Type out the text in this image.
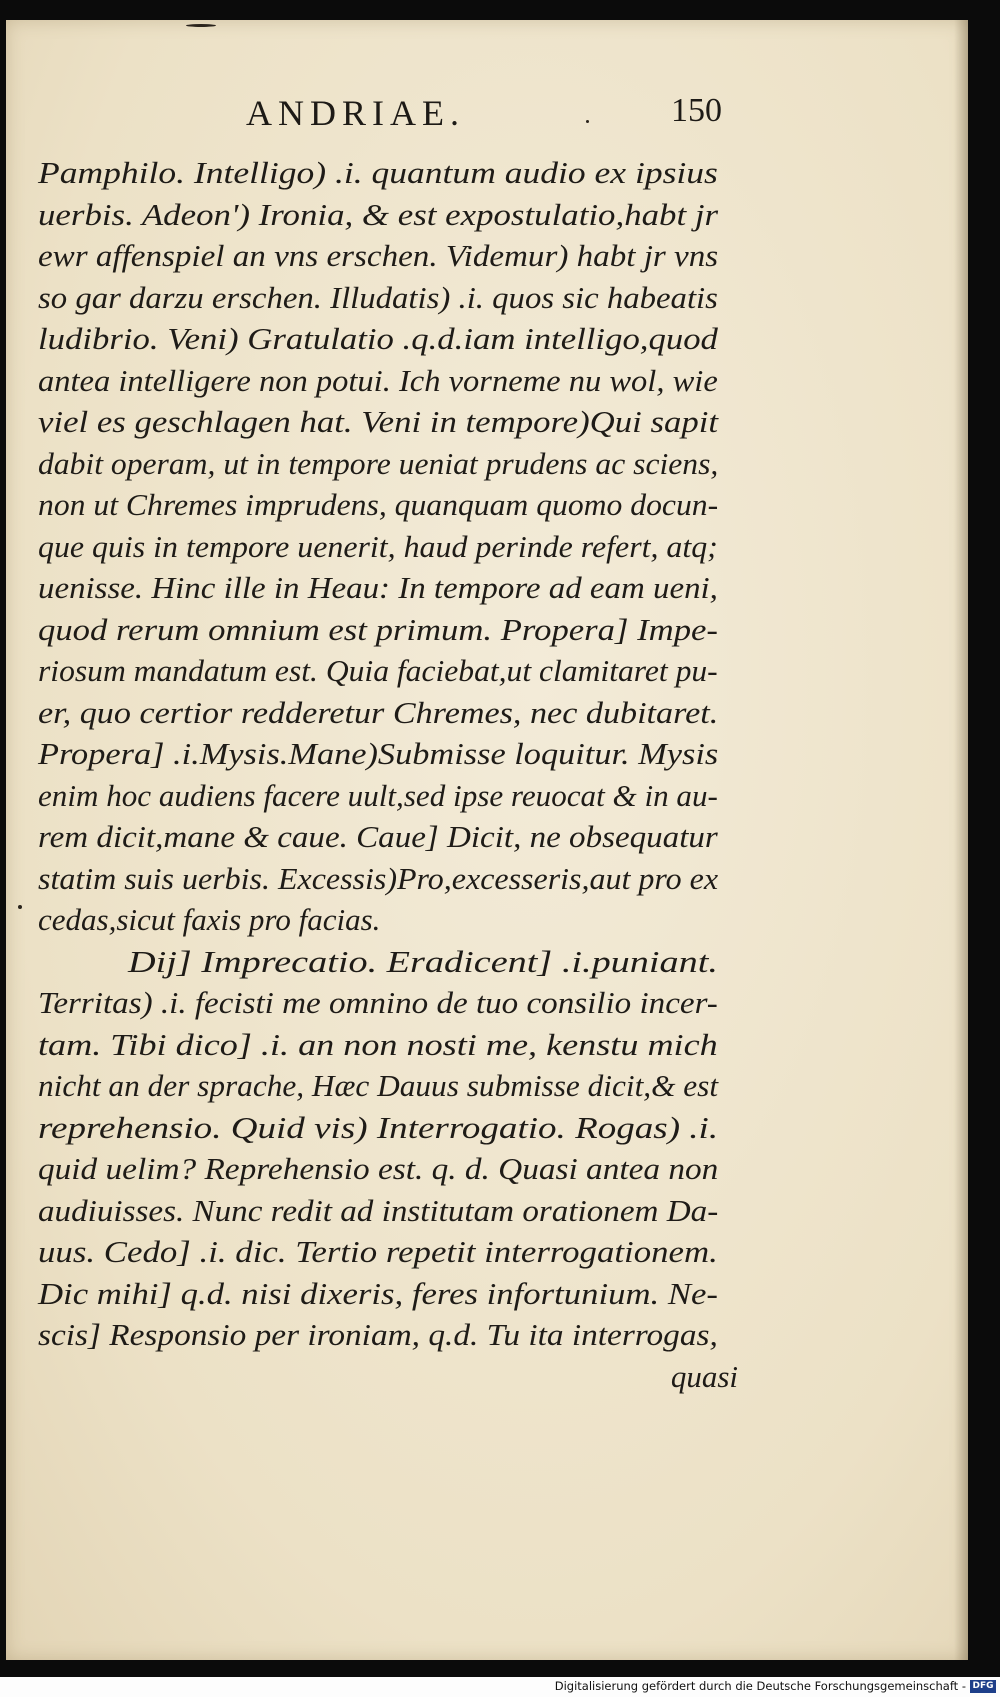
ANDRIAE.	150
Pamphilo. Intelligo) .i. quantum audio ex ipsius
uerbis. Adeon') Ironia, & est expostulatio,habt jr
ewr affenspiel an vns erschen. Videmur) habt jr vns
so gar darzu erschen. Illudatis) .i. quos sic habeatis
ludibrio. Veni) Gratulatio .q.d.iam intelligo,quod
antea intelligere non potui. Ich vorneme nu wol, wie
viel es geschlagen hat. Veni in tempore)Qui sapit
dabit operam, ut in tempore ueniat prudens ac sciens,
non ut Chremes imprudens, quanquam quomo docun-
que quis in tempore uenerit, haud perinde refert, atq;
uenisse. Hinc ille in Heau: In tempore ad eam ueni,
quod rerum omnium est primum. Propera] Impe-
riosum mandatum est. Quia faciebat,ut clamitaret pu-
er, quo certior redderetur Chremes, nec dubitaret.
Propera] .i.Mysis.Mane)Submisse loquitur. Mysis
enim hoc audiens facere uult,sed ipse reuocat & in au-
rem dicit,mane & caue. Caue] Dicit, ne obsequatur
statim suis uerbis. Excessis)Pro,excesseris,aut pro ex
cedas,sicut faxis pro facias.
Dij] Imprecatio. Eradicent] .i.puniant.
Territas) .i. fecisti me omnino de tuo consilio incer-
tam. Tibi dico] .i. an non nosti me, kenstu mich
nicht an der sprache, Hæc Dauus submisse dicit,& est
reprehensio. Quid vis) Interrogatio. Rogas) .i.
quid uelim? Reprehensio est. q. d. Quasi antea non
audiuisses. Nunc redit ad institutam orationem Da-
uus. Cedo] .i. dic. Tertio repetit interrogationem.
Dic mihi] q.d. nisi dixeris, feres infortunium. Ne-
scis] Responsio per ironiam, q.d. Tu ita interrogas,
quasi
Digitalisierung gefördert durch die Deutsche Forschungsgemeinschaft - DFG
